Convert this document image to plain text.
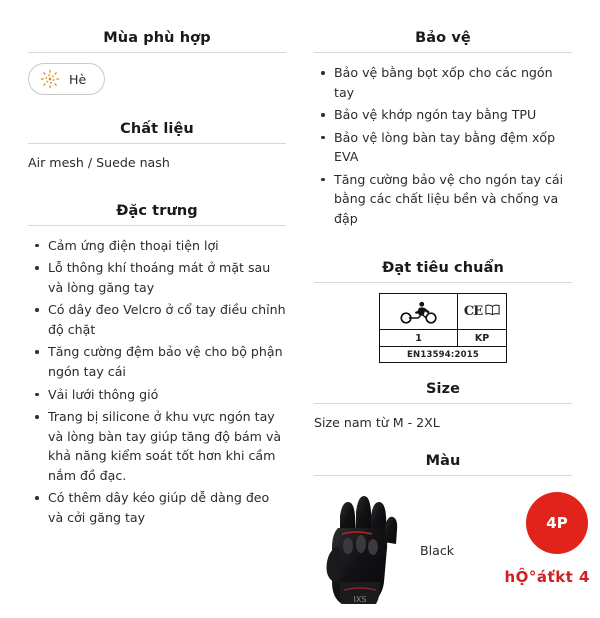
Mùa phù hợp
Hè
Chất liệu

Air mesh / Suede nash

Đặc trưng
Cảm ứng điện thoại tiện lợi
Lỗ thông khí thoáng mát ở mặt sau và lòng găng tay
Có dây đeo Velcro ở cổ tay điều chỉnh độ chặt
Tăng cường đệm bảo vệ cho bộ phận ngón tay cái
Vải lưới thông gió
Trang bị silicone ở khu vực ngón tay và lòng bàn tay giúp tăng độ bám và khả năng kiểm soát tốt hơn khi cầm nắm đồ đạc.
Có thêm dây kéo giúp dễ dàng đeo và cởi găng tay
Bảo vệ
Bảo vệ bằng bọt xốp cho các ngón tay
Bảo vệ khớp ngón tay bằng TPU
Bảo vệ lòng bàn tay bằng đệm xốp EVA
Tăng cường bảo vệ cho ngón tay cái bằng các chất liệu bền và chống va đập
Đạt tiêu chuẩn
CE
1	KP
EN13594:2015
Size

Size nam từ M - 2XL

Màu
IXS
Black
4P
hỘ°áťkt 4
